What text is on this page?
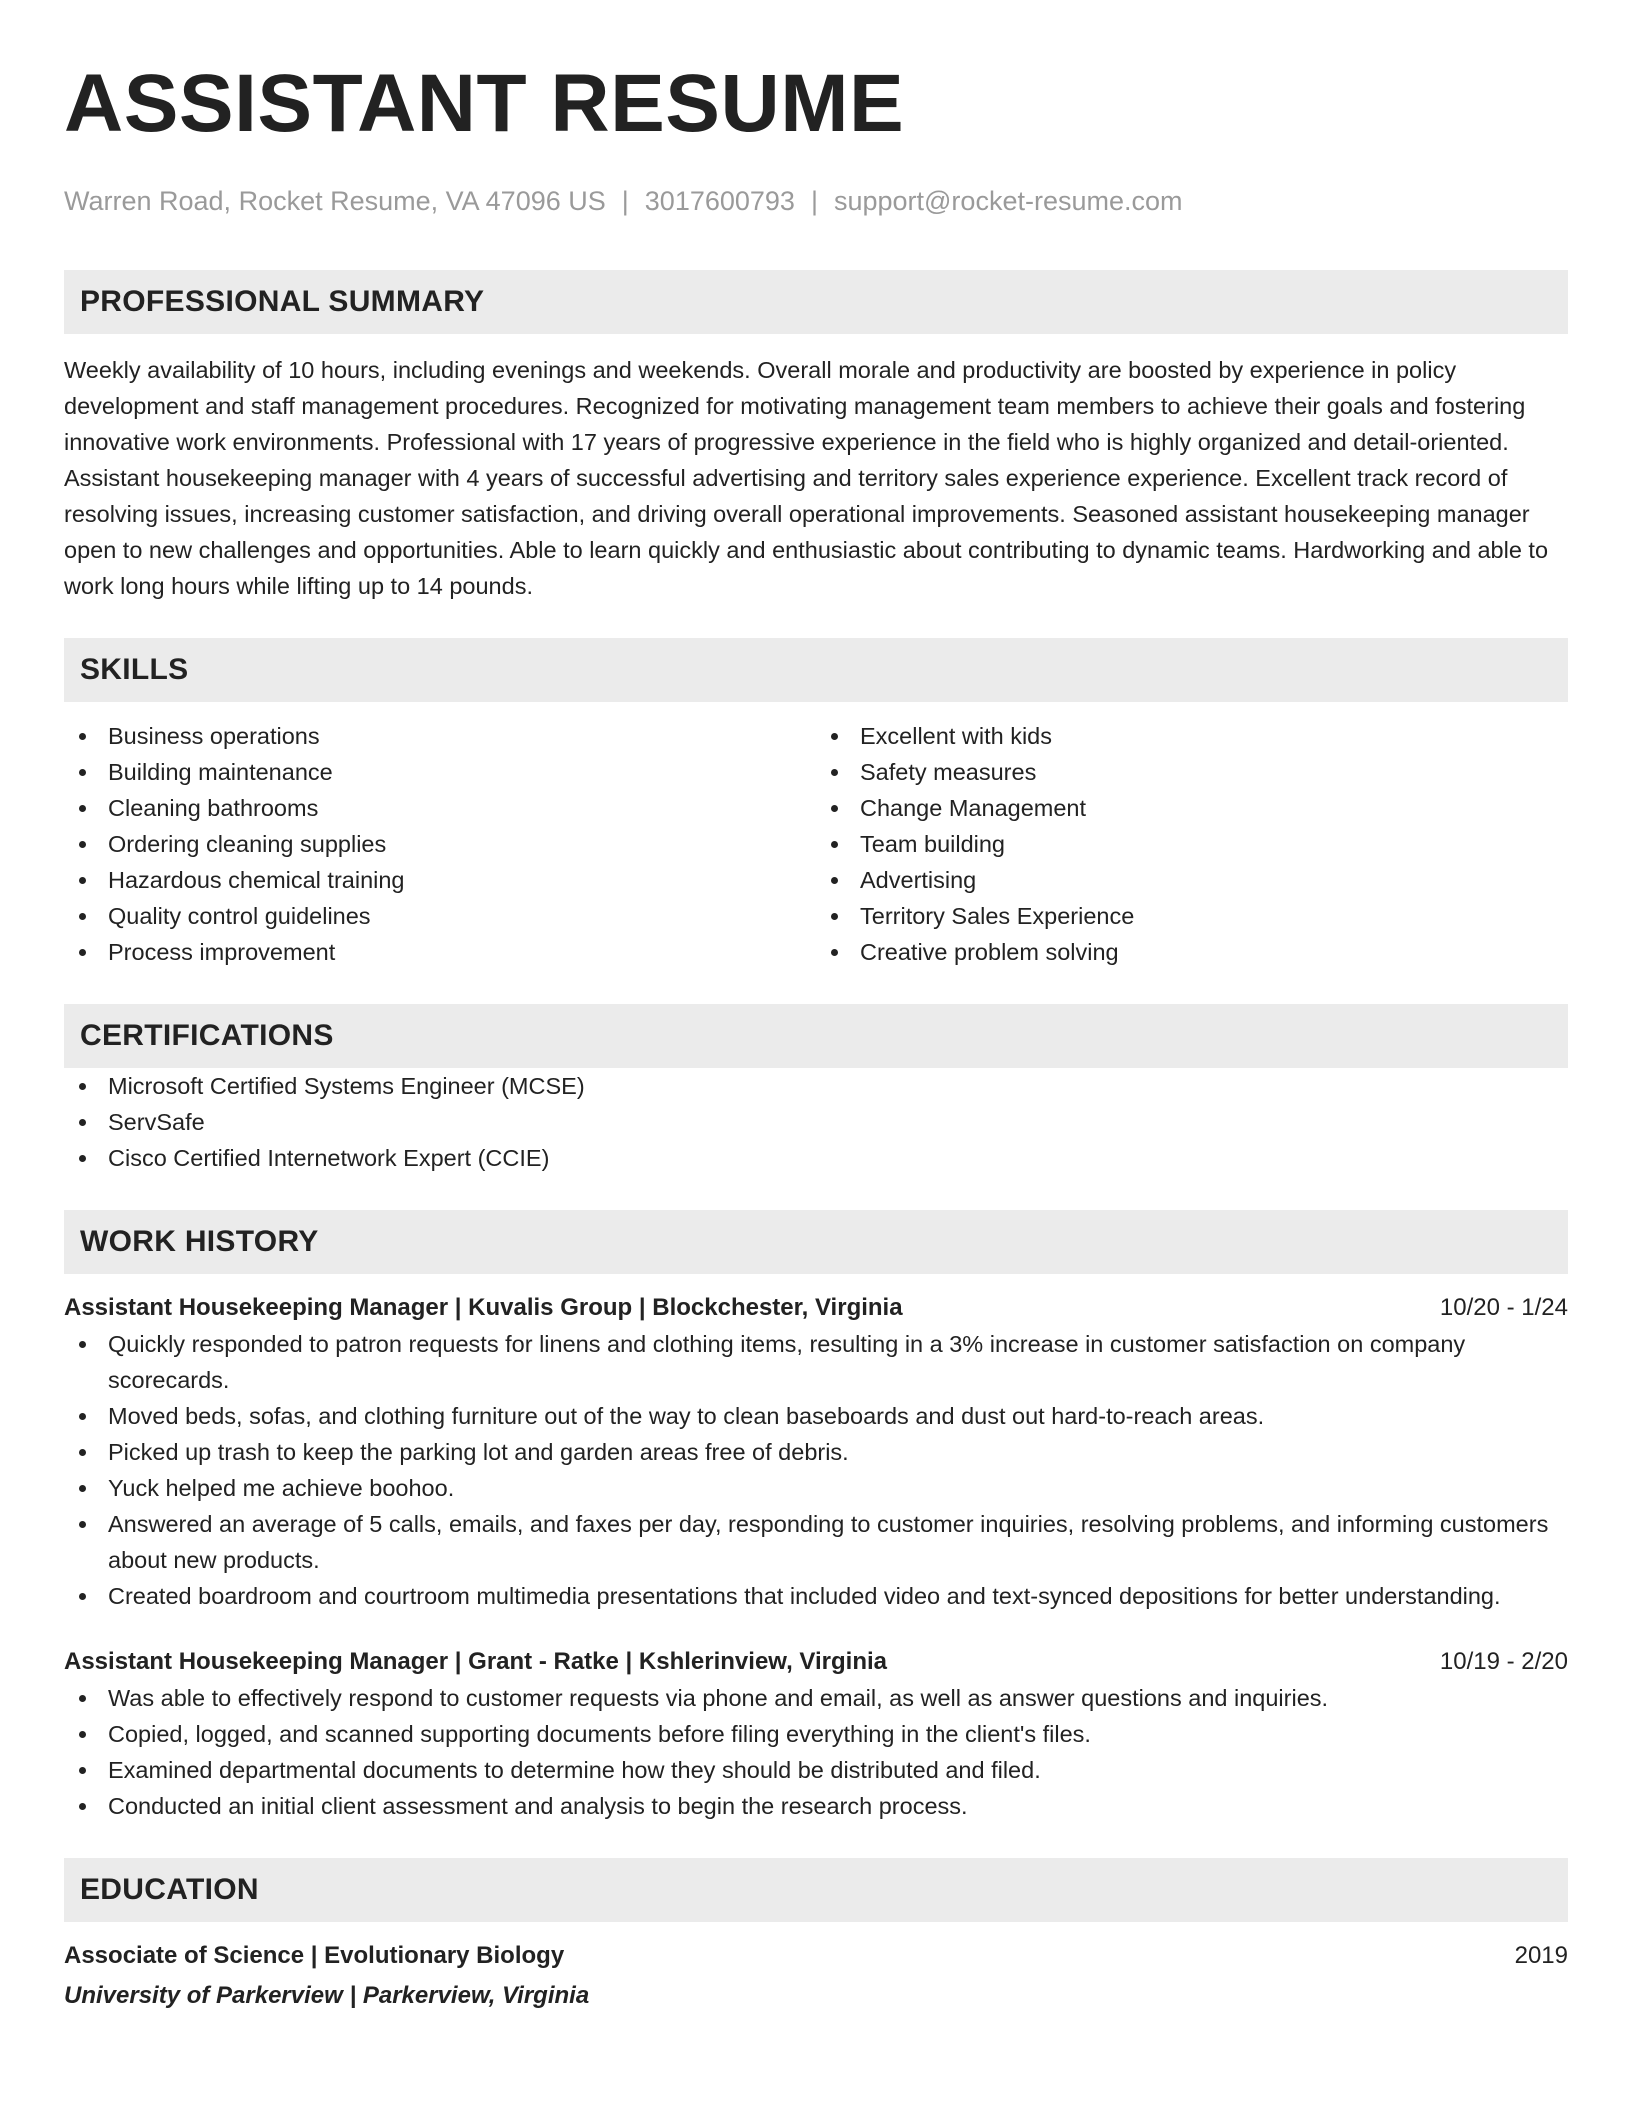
ASSISTANT RESUME
Warren Road, Rocket Resume, VA 47096 US | 3017600793 | support@rocket-resume.com
PROFESSIONAL SUMMARY

Weekly availability of 10 hours, including evenings and weekends. Overall morale and productivity are boosted by experience in policy development and staff management procedures. Recognized for motivating management team members to achieve their goals and fostering innovative work environments. Professional with 17 years of progressive experience in the field who is highly organized and detail-oriented. Assistant housekeeping manager with 4 years of successful advertising and territory sales experience experience. Excellent track record of resolving issues, increasing customer satisfaction, and driving overall operational improvements. Seasoned assistant housekeeping manager open to new challenges and opportunities. Able to learn quickly and enthusiastic about contributing to dynamic teams. Hardworking and able to work long hours while lifting up to 14 pounds.

SKILLS
Business operations
Building maintenance
Cleaning bathrooms
Ordering cleaning supplies
Hazardous chemical training
Quality control guidelines
Process improvement
Excellent with kids
Safety measures
Change Management
Team building
Advertising
Territory Sales Experience
Creative problem solving
CERTIFICATIONS
Microsoft Certified Systems Engineer (MCSE)
ServSafe
Cisco Certified Internetwork Expert (CCIE)
WORK HISTORY
Assistant Housekeeping Manager | Kuvalis Group | Blockchester, Virginia	10/20 - 1/24
Quickly responded to patron requests for linens and clothing items, resulting in a 3% increase in customer satisfaction on company scorecards.
Moved beds, sofas, and clothing furniture out of the way to clean baseboards and dust out hard-to-reach areas.
Picked up trash to keep the parking lot and garden areas free of debris.
Yuck helped me achieve boohoo.
Answered an average of 5 calls, emails, and faxes per day, responding to customer inquiries, resolving problems, and informing customers about new products.
Created boardroom and courtroom multimedia presentations that included video and text-synced depositions for better understanding.
Assistant Housekeeping Manager | Grant - Ratke | Kshlerinview, Virginia	10/19 - 2/20
Was able to effectively respond to customer requests via phone and email, as well as answer questions and inquiries.
Copied, logged, and scanned supporting documents before filing everything in the client's files.
Examined departmental documents to determine how they should be distributed and filed.
Conducted an initial client assessment and analysis to begin the research process.
EDUCATION
Associate of Science | Evolutionary Biology	2019
University of Parkerview | Parkerview, Virginia
